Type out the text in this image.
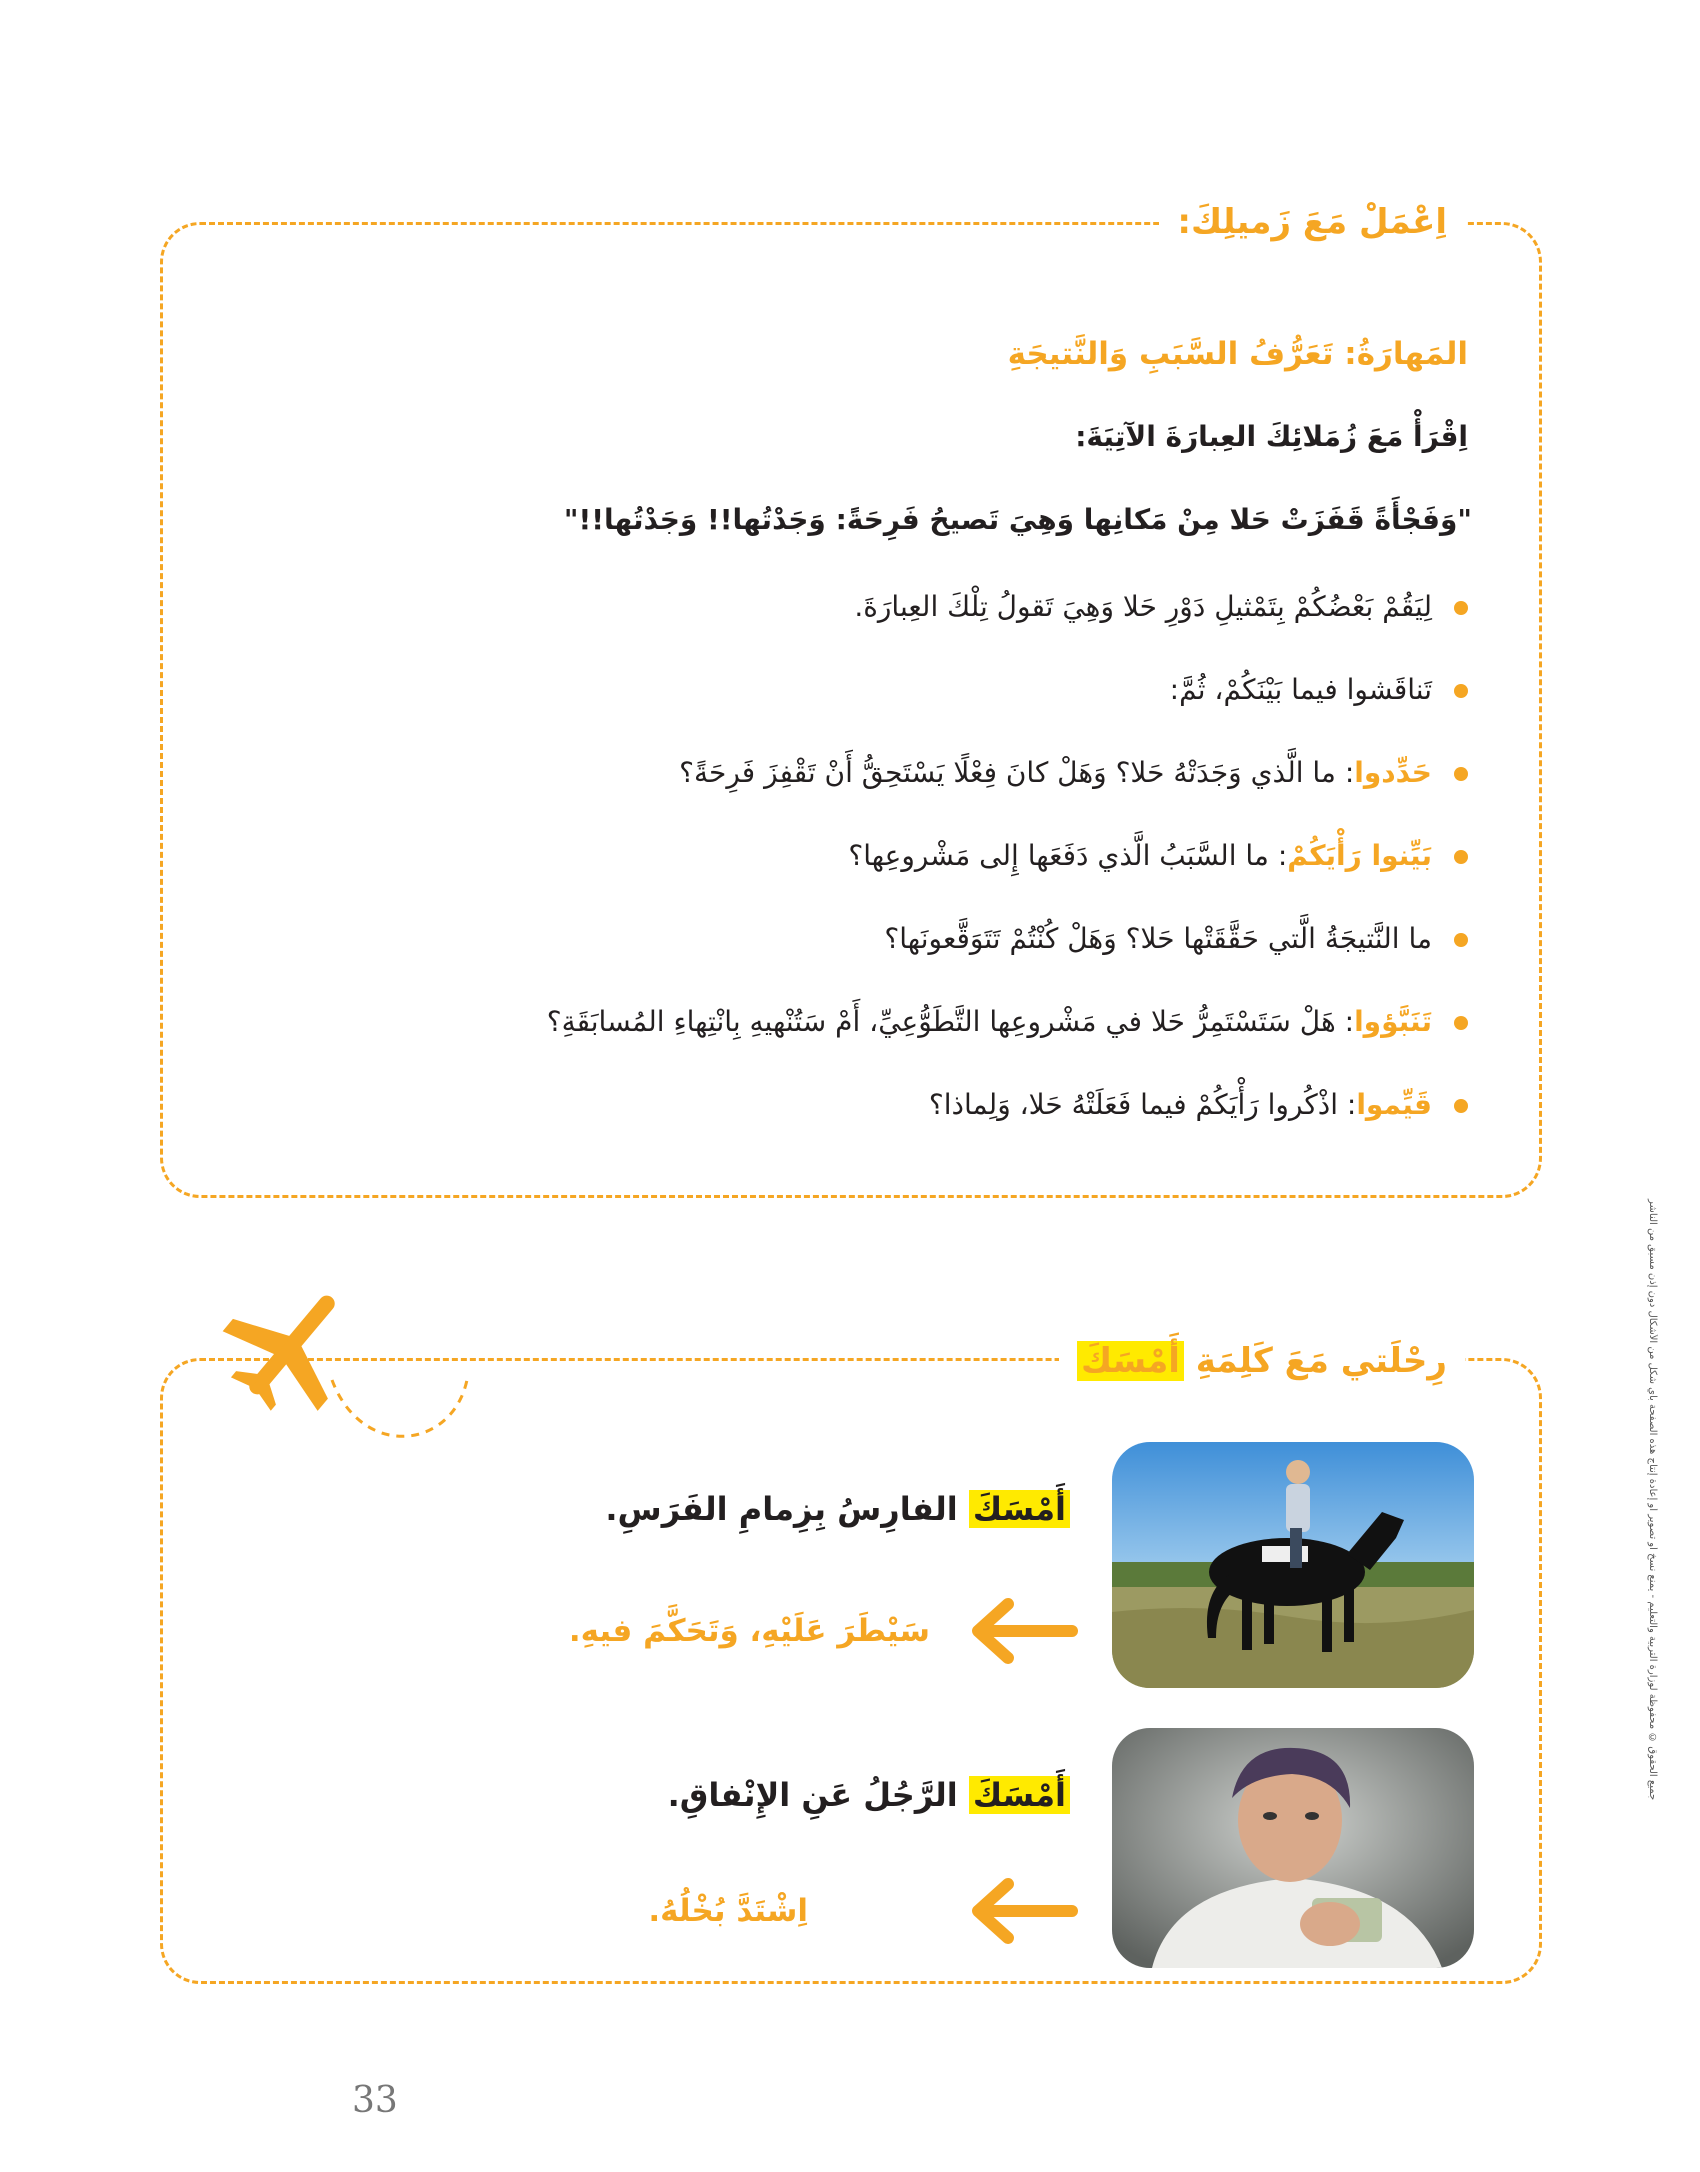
اِعْمَلْ مَعَ زَميلِكَ:
المَهارَةُ: تَعَرُّفُ السَّبَبِ وَالنَّتيجَةِ
اِقْرَأْ مَعَ زُمَلائِكَ العِبارَةَ الآتِيَةَ:
"وَفَجْأَةً قَفَزَتْ حَلا مِنْ مَكانِها وَهِيَ تَصيحُ فَرِحَةً: وَجَدْتُها!! وَجَدْتُها!!"
لِيَقُمْ بَعْضُكُمْ بِتَمْثيلِ دَوْرِ حَلا وَهِيَ تَقولُ تِلْكَ العِبارَةَ.
تَناقَشوا فيما بَيْنَكُمْ، ثُمَّ:
حَدِّدوا: ما الَّذي وَجَدَتْهُ حَلا؟ وَهَلْ كانَ فِعْلًا يَسْتَحِقُّ أَنْ تَقْفِزَ فَرِحَةً؟
بَيِّنوا رَأْيَكُمْ: ما السَّبَبُ الَّذي دَفَعَها إِلى مَشْروعِها؟
ما النَّتيجَةُ الَّتي حَقَّقَتْها حَلا؟ وَهَلْ كُنْتُمْ تَتَوَقَّعونَها؟
تَنَبَّؤوا: هَلْ سَتَسْتَمِرُّ حَلا في مَشْروعِها التَّطَوُّعِيِّ، أَمْ سَتُنْهيهِ بِانْتِهاءِ المُسابَقَةِ؟
قَيِّموا: اذْكُروا رَأْيَكُمْ فيما فَعَلَتْهُ حَلا، وَلِماذا؟
رِحْلَتي مَعَ كَلِمَةِ أَمْسَكَ
أَمْسَكَ الفارِسُ بِزِمامِ الفَرَسِ.
سَيْطَرَ عَلَيْهِ، وَتَحَكَّمَ فيهِ.
أَمْسَكَ الرَّجُلُ عَنِ الإِنْفاقِ.
اِشْتَدَّ بُخْلُهُ.
جميع الحقوق © محفوظة لوزارة التربية والتعليم - يمنع نسخ أو تصوير أو إعادة إنتاج هذه الصفحة بأي شكل من الأشكال دون إذن مسبق من الناشر
33
